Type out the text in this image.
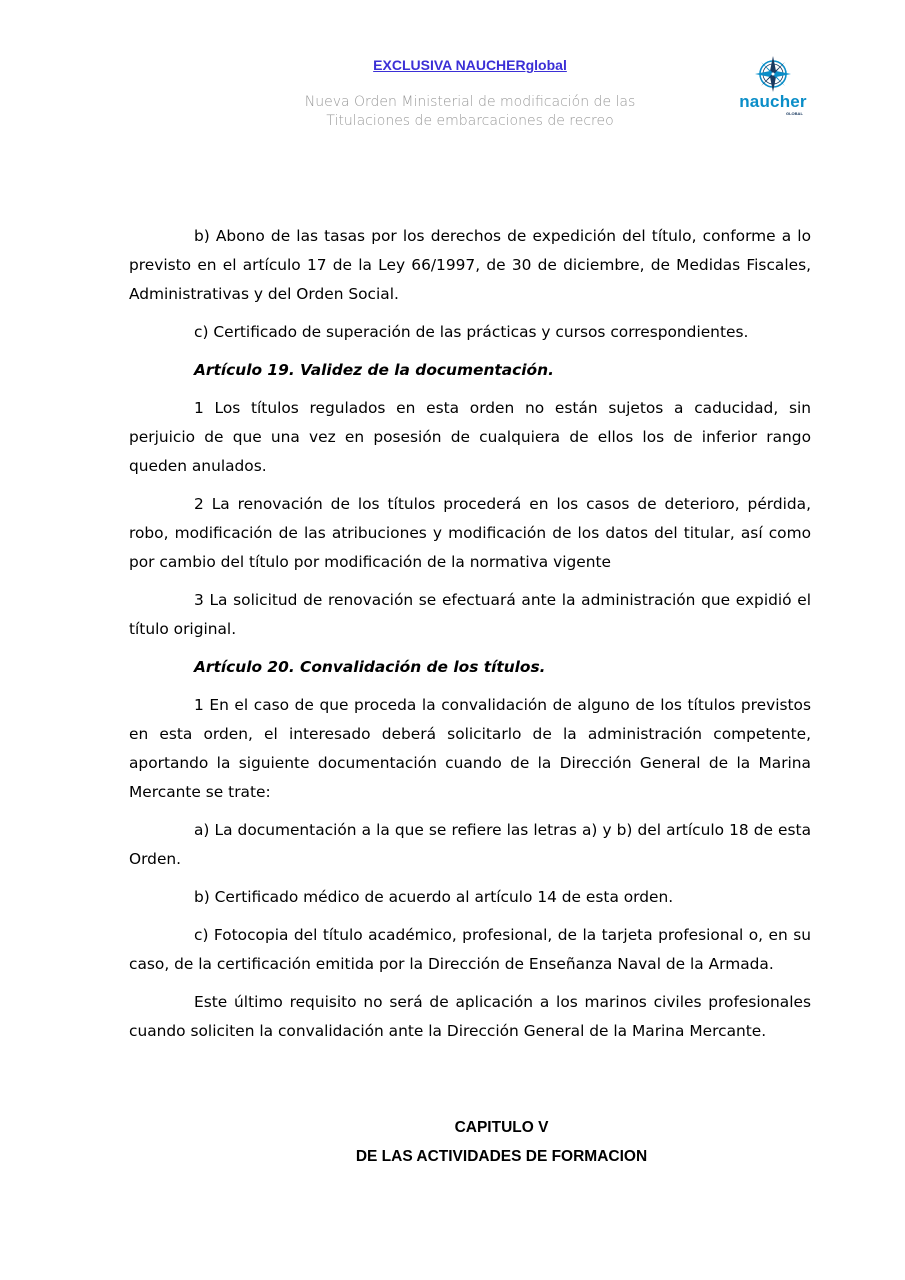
EXCLUSIVA NAUCHERglobal
Nueva Orden Ministerial de modificación de las
Titulaciones de embarcaciones de recreo
naucher
GLOBAL

b) Abono de las tasas por los derechos de expedición del título, conforme a lo previsto en el artículo 17 de la Ley 66/1997, de 30 de diciembre, de Medidas Fiscales, Administrativas y del Orden Social.

c) Certificado de superación de las prácticas y cursos correspondientes.

Artículo 19. Validez de la documentación.

1 Los títulos regulados en esta orden no están sujetos a caducidad, sin perjuicio de que una vez en posesión de cualquiera de ellos los de inferior rango queden anulados.

2 La renovación de los títulos procederá en los casos de deterioro, pérdida, robo, modificación de las atribuciones y modificación de los datos del titular, así como por cambio del título por modificación de la normativa vigente

3 La solicitud de renovación se efectuará ante la administración que expidió el título original.

Artículo 20. Convalidación de los títulos.

1 En el caso de que proceda la convalidación de alguno de los títulos previstos en esta orden, el interesado deberá solicitarlo de la administración competente, aportando la siguiente documentación cuando de la Dirección General de la Marina Mercante se trate:

a) La documentación a la que se refiere las letras a) y b) del artículo 18 de esta Orden.

b) Certificado médico de acuerdo al artículo 14 de esta orden.

c) Fotocopia del título académico, profesional, de la tarjeta profesional o, en su caso, de la certificación emitida por la Dirección de Enseñanza Naval de la Armada.

Este último requisito no será de aplicación a los marinos civiles profesionales cuando soliciten la convalidación ante la Dirección General de la Marina Mercante.

CAPITULO V
DE LAS ACTIVIDADES DE FORMACION
